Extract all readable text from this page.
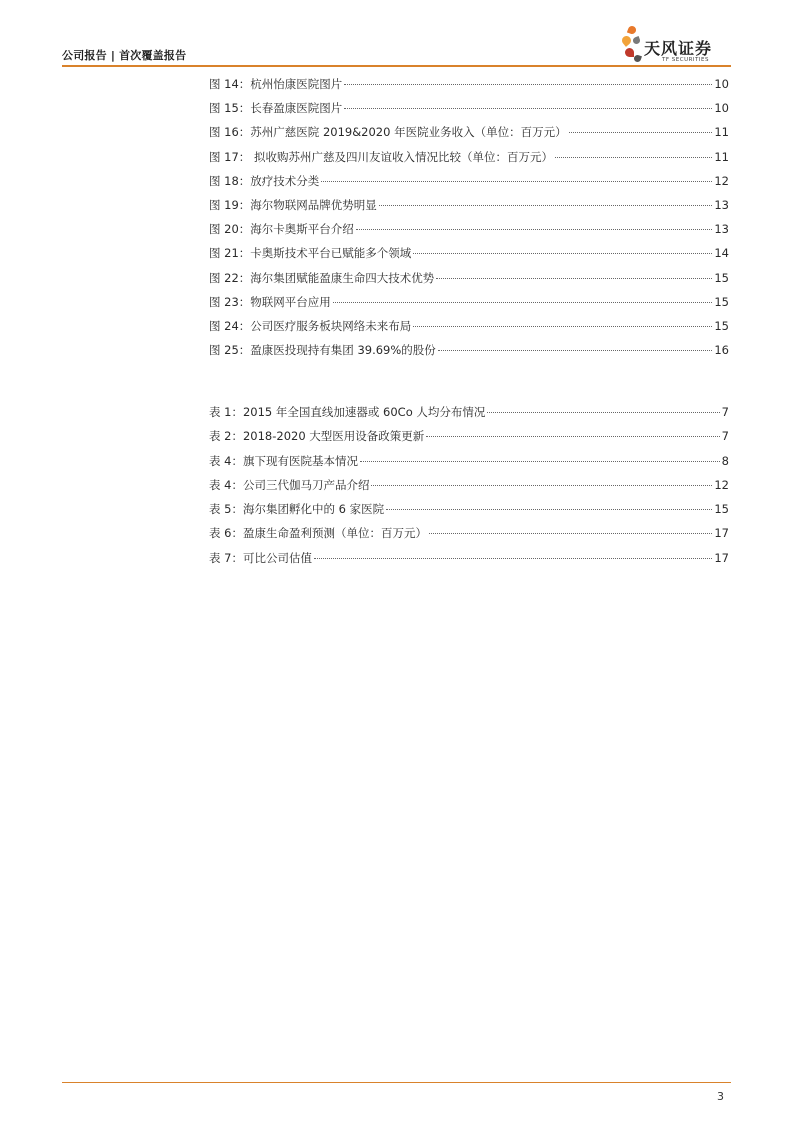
公司报告 | 首次覆盖报告	天风证券
TF SECURITIES
图 14：杭州怡康医院图片	10
图 15：长春盈康医院图片	10
图 16：苏州广慈医院 2019&2020 年医院业务收入（单位：百万元）	11
图 17： 拟收购苏州广慈及四川友谊收入情况比较（单位：百万元）	11
图 18：放疗技术分类	12
图 19：海尔物联网品牌优势明显	13
图 20：海尔卡奥斯平台介绍	13
图 21：卡奥斯技术平台已赋能多个领域	14
图 22：海尔集团赋能盈康生命四大技术优势	15
图 23：物联网平台应用	15
图 24：公司医疗服务板块网络未来布局	15
图 25：盈康医投现持有集团 39.69%的股份	16
表 1：2015 年全国直线加速器或 60Co 人均分布情况	7
表 2：2018-2020 大型医用设备政策更新	7
表 4：旗下现有医院基本情况	8
表 4：公司三代伽马刀产品介绍	12
表 5：海尔集团孵化中的 6 家医院	15
表 6：盈康生命盈利预测（单位：百万元）	17
表 7：可比公司估值	17
3
